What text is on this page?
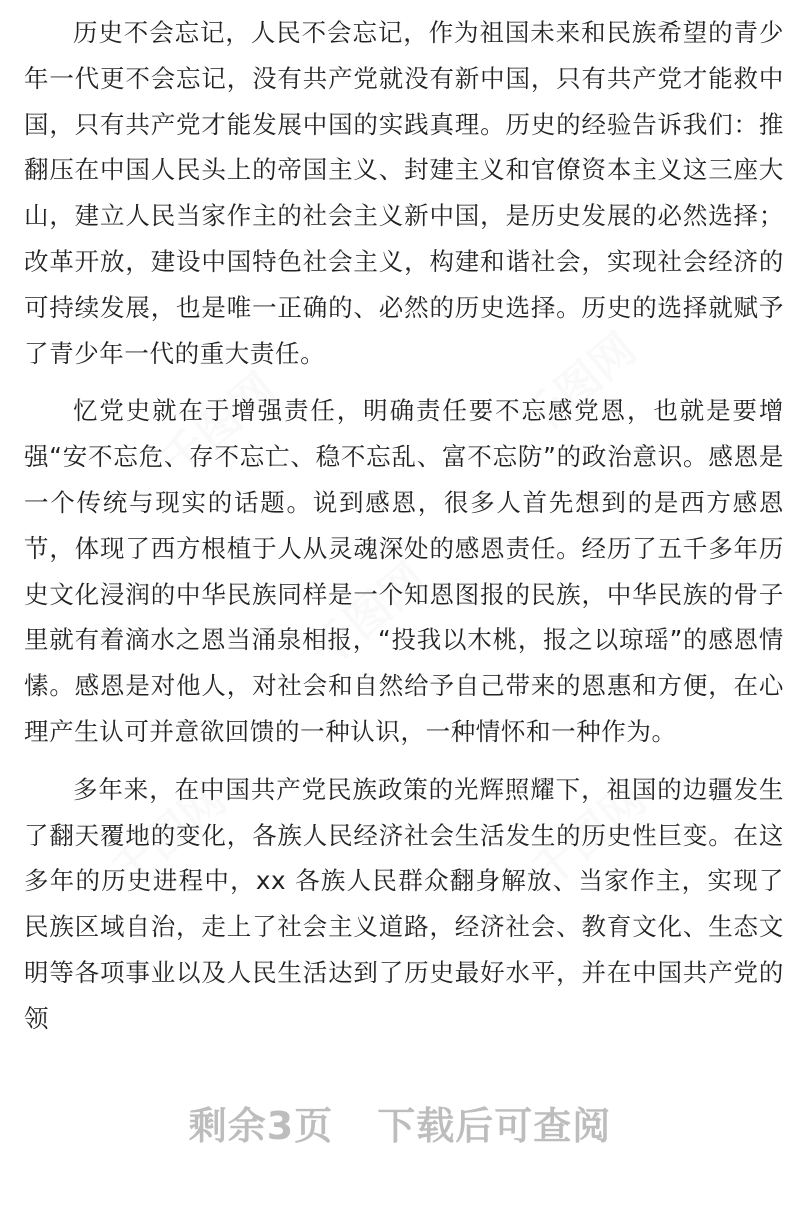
千图网	千图网
千图网
千图网	千图网

历史不会忘记，人民不会忘记，作为祖国未来和民族希望的青少年一代更不会忘记，没有共产党就没有新中国，只有共产党才能救中国，只有共产党才能发展中国的实践真理。历史的经验告诉我们：推翻压在中国人民头上的帝国主义、封建主义和官僚资本主义这三座大山，建立人民当家作主的社会主义新中国，是历史发展的必然选择；改革开放，建设中国特色社会主义，构建和谐社会，实现社会经济的可持续发展，也是唯一正确的、必然的历史选择。历史的选择就赋予了青少年一代的重大责任。

忆党史就在于增强责任，明确责任要不忘感党恩，也就是要增强“安不忘危、存不忘亡、稳不忘乱、富不忘防”的政治意识。感恩是一个传统与现实的话题。说到感恩，很多人首先想到的是西方感恩节，体现了西方根植于人从灵魂深处的感恩责任。经历了五千多年历史文化浸润的中华民族同样是一个知恩图报的民族，中华民族的骨子里就有着滴水之恩当涌泉相报，“投我以木桃，报之以琼瑶”的感恩情愫。感恩是对他人，对社会和自然给予自己带来的恩惠和方便，在心理产生认可并意欲回馈的一种认识，一种情怀和一种作为。

多年来，在中国共产党民族政策的光辉照耀下，祖国的边疆发生了翻天覆地的变化，各族人民经济社会生活发生的历史性巨变。在这多年的历史进程中，xx 各族人民群众翻身解放、当家作主，实现了民族区域自治，走上了社会主义道路，经济社会、教育文化、生态文明等各项事业以及人民生活达到了历史最好水平，并在中国共产党的领

剩余3页 下载后可查阅
